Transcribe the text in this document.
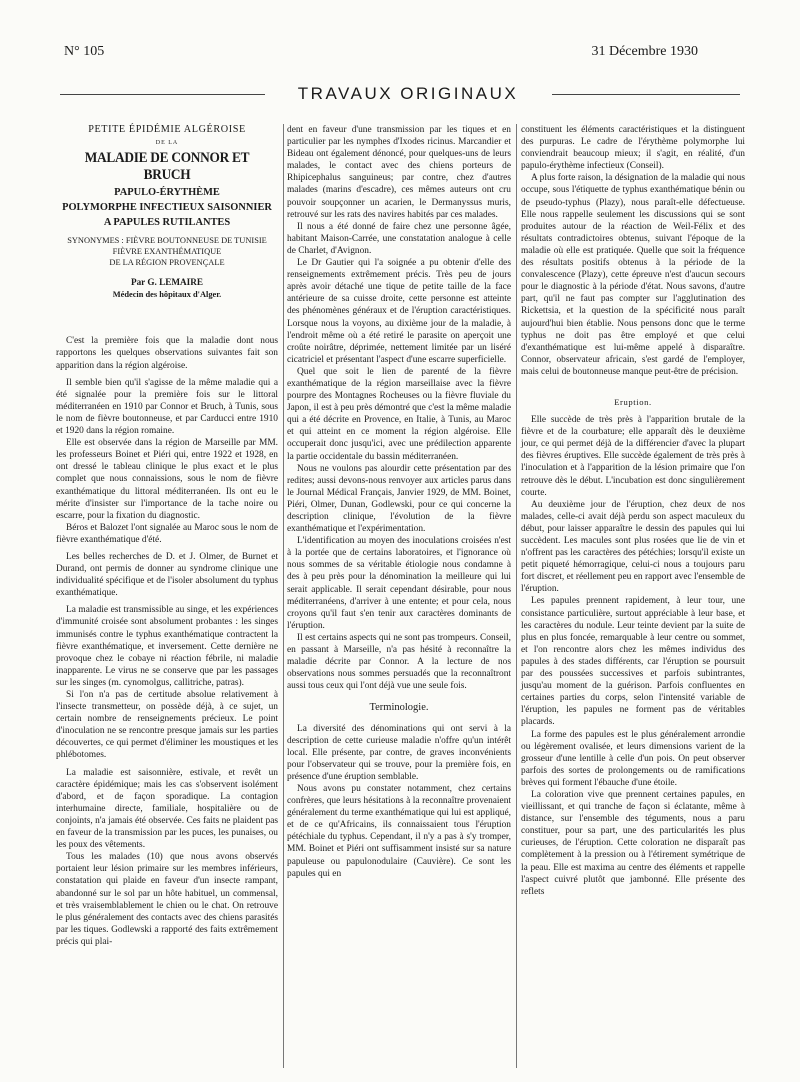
N° 105	31 Décembre 1930
TRAVAUX ORIGINAUX
PETITE ÉPIDÉMIE ALGÉROISE
DE LA
MALADIE DE CONNOR ET BRUCH
PAPULO-ÉRYTHÈME
POLYMORPHE INFECTIEUX SAISONNIER
A PAPULES RUTILANTES
SYNONYMES : FIÈVRE BOUTONNEUSE DE TUNISIE
FIÈVRE EXANTHÉMATIQUE
DE LA RÉGION PROVENÇALE
Par G. LEMAIRE
Médecin des hôpitaux d'Alger.

C'est la première fois que la maladie dont nous rapportons les quelques observations suivantes fait son apparition dans la région algéroise.

Il semble bien qu'il s'agisse de la même maladie qui a été signalée pour la première fois sur le littoral méditerranéen en 1910 par Connor et Bruch, à Tunis, sous le nom de fièvre boutonneuse, et par Carducci entre 1910 et 1920 dans la région romaine.

Elle est observée dans la région de Marseille par MM. les professeurs Boinet et Piéri qui, entre 1922 et 1928, en ont dressé le tableau clinique le plus exact et le plus complet que nous connaissions, sous le nom de fièvre exanthématique du littoral méditerranéen. Ils ont eu le mérite d'insister sur l'importance de la tache noire ou escarre, pour la fixation du diagnostic.

Béros et Balozet l'ont signalée au Maroc sous le nom de fièvre exanthématique d'été.

Les belles recherches de D. et J. Olmer, de Burnet et Durand, ont permis de donner au syndrome clinique une individualité spécifique et de l'isoler absolument du typhus exanthématique.

La maladie est transmissible au singe, et les expériences d'immunité croisée sont absolument probantes : les singes immunisés contre le typhus exanthématique contractent la fièvre exanthématique, et inversement. Cette dernière ne provoque chez le cobaye ni réaction fébrile, ni maladie inapparente. Le virus ne se conserve que par les passages sur les singes (m. cynomolgus, callitriche, patras).

Si l'on n'a pas de certitude absolue relativement à l'insecte transmetteur, on possède déjà, à ce sujet, un certain nombre de renseignements précieux. Le point d'inoculation ne se rencontre presque jamais sur les parties découvertes, ce qui permet d'éliminer les moustiques et les phlébotomes.

La maladie est saisonnière, estivale, et revêt un caractère épidémique; mais les cas s'observent isolément d'abord, et de façon sporadique. La contagion interhumaine directe, familiale, hospitalière ou de conjoints, n'a jamais été observée. Ces faits ne plaident pas en faveur de la transmission par les puces, les punaises, ou les poux des vêtements.

Tous les malades (10) que nous avons observés portaient leur lésion primaire sur les membres inférieurs, constatation qui plaide en faveur d'un insecte rampant, abandonné sur le sol par un hôte habituel, un commensal, et très vraisemblablement le chien ou le chat. On retrouve le plus généralement des contacts avec des chiens parasités par les tiques. Godlewski a rapporté des faits extrêmement précis qui plai-

dent en faveur d'une transmission par les tiques et en particulier par les nymphes d'Ixodes ricinus. Marcandier et Bideau ont également dénoncé, pour quelques-uns de leurs malades, le contact avec des chiens porteurs de Rhipicephalus sanguineus; par contre, chez d'autres malades (marins d'escadre), ces mêmes auteurs ont cru pouvoir soupçonner un acarien, le Dermanyssus muris, retrouvé sur les rats des navires habités par ces malades.

Il nous a été donné de faire chez une personne âgée, habitant Maison-Carrée, une constatation analogue à celle de Charlet, d'Avignon.

Le Dr Gautier qui l'a soignée a pu obtenir d'elle des renseignements extrêmement précis. Très peu de jours après avoir détaché une tique de petite taille de la face antérieure de sa cuisse droite, cette personne est atteinte des phénomènes généraux et de l'éruption caractéristiques. Lorsque nous la voyons, au dixième jour de la maladie, à l'endroit même où a été retiré le parasite on aperçoit une croûte noirâtre, déprimée, nettement limitée par un liséré cicatriciel et présentant l'aspect d'une escarre superficielle.

Quel que soit le lien de parenté de la fièvre exanthématique de la région marseillaise avec la fièvre pourpre des Montagnes Rocheuses ou la fièvre fluviale du Japon, il est à peu près démontré que c'est la même maladie qui a été décrite en Provence, en Italie, à Tunis, au Maroc et qui atteint en ce moment la région algéroise. Elle occuperait donc jusqu'ici, avec une prédilection apparente la partie occidentale du bassin méditerranéen.

Nous ne voulons pas alourdir cette présentation par des redites; aussi devons-nous renvoyer aux articles parus dans le Journal Médical Français, Janvier 1929, de MM. Boinet, Piéri, Olmer, Dunan, Godlewski, pour ce qui concerne la description clinique, l'évolution de la fièvre exanthématique et l'expérimentation.

L'identification au moyen des inoculations croisées n'est à la portée que de certains laboratoires, et l'ignorance où nous sommes de sa véritable étiologie nous condamne à des à peu près pour la dénomination la meilleure qui lui serait applicable. Il serait cependant désirable, pour nous méditerranéens, d'arriver à une entente; et pour cela, nous croyons qu'il faut s'en tenir aux caractères dominants de l'éruption.

Il est certains aspects qui ne sont pas trompeurs. Conseil, en passant à Marseille, n'a pas hésité à reconnaître la maladie décrite par Connor. A la lecture de nos observations nous sommes persuadés que la reconnaîtront aussi tous ceux qui l'ont déjà vue une seule fois.

Terminologie.

La diversité des dénominations qui ont servi à la description de cette curieuse maladie n'offre qu'un intérêt local. Elle présente, par contre, de graves inconvénients pour l'observateur qui se trouve, pour la première fois, en présence d'une éruption semblable.

Nous avons pu constater notamment, chez certains confrères, que leurs hésitations à la reconnaître provenaient généralement du terme exanthématique qui lui est appliqué, et de ce qu'Africains, ils connaissaient tous l'éruption pétéchiale du typhus. Cependant, il n'y a pas à s'y tromper, MM. Boinet et Piéri ont suffisamment insisté sur sa nature papuleuse ou papulonodulaire (Cauvière). Ce sont les papules qui en

constituent les éléments caractéristiques et la distinguent des purpuras. Le cadre de l'érythème polymorphe lui conviendrait beaucoup mieux; il s'agit, en réalité, d'un papulo-érythème infectieux (Conseil).

A plus forte raison, la désignation de la maladie qui nous occupe, sous l'étiquette de typhus exanthématique bénin ou de pseudo-typhus (Plazy), nous paraît-elle défectueuse. Elle nous rappelle seulement les discussions qui se sont produites autour de la réaction de Weil-Félix et des résultats contradictoires obtenus, suivant l'époque de la maladie où elle est pratiquée. Quelle que soit la fréquence des résultats positifs obtenus à la période de la convalescence (Plazy), cette épreuve n'est d'aucun secours pour le diagnostic à la période d'état. Nous savons, d'autre part, qu'il ne faut pas compter sur l'agglutination des Rickettsia, et la question de la spécificité nous paraît aujourd'hui bien établie. Nous pensons donc que le terme typhus ne doit pas être employé et que celui d'exanthématique est lui-même appelé à disparaître. Connor, observateur africain, s'est gardé de l'employer, mais celui de boutonneuse manque peut-être de précision.

Eruption.

Elle succède de très près à l'apparition brutale de la fièvre et de la courbature; elle apparaît dès le deuxième jour, ce qui permet déjà de la différencier d'avec la plupart des fièvres éruptives. Elle succède également de très près à l'inoculation et à l'apparition de la lésion primaire que l'on retrouve dès le début. L'incubation est donc singulièrement courte.

Au deuxième jour de l'éruption, chez deux de nos malades, celle-ci avait déjà perdu son aspect maculeux du début, pour laisser apparaître le dessin des papules qui lui succèdent. Les macules sont plus rosées que lie de vin et n'offrent pas les caractères des pétéchies; lorsqu'il existe un petit piqueté hémorragique, celui-ci nous a toujours paru fort discret, et réellement peu en rapport avec l'ensemble de l'éruption.

Les papules prennent rapidement, à leur tour, une consistance particulière, surtout appréciable à leur base, et les caractères du nodule. Leur teinte devient par la suite de plus en plus foncée, remarquable à leur centre ou sommet, et l'on rencontre alors chez les mêmes individus des papules à des stades différents, car l'éruption se poursuit par des poussées successives et parfois subintrantes, jusqu'au moment de la guérison. Parfois confluentes en certaines parties du corps, selon l'intensité variable de l'éruption, les papules ne forment pas de véritables placards.

La forme des papules est le plus généralement arrondie ou légèrement ovalisée, et leurs dimensions varient de la grosseur d'une lentille à celle d'un pois. On peut observer parfois des sortes de prolongements ou de ramifications brèves qui forment l'ébauche d'une étoile.

La coloration vive que prennent certaines papules, en vieillissant, et qui tranche de façon si éclatante, même à distance, sur l'ensemble des téguments, nous a paru constituer, pour sa part, une des particularités les plus curieuses, de l'éruption. Cette coloration ne disparaît pas complètement à la pression ou à l'étirement symétrique de la peau. Elle est maxima au centre des éléments et rappelle l'aspect cuivré plutôt que jambonné. Elle présente des reflets
